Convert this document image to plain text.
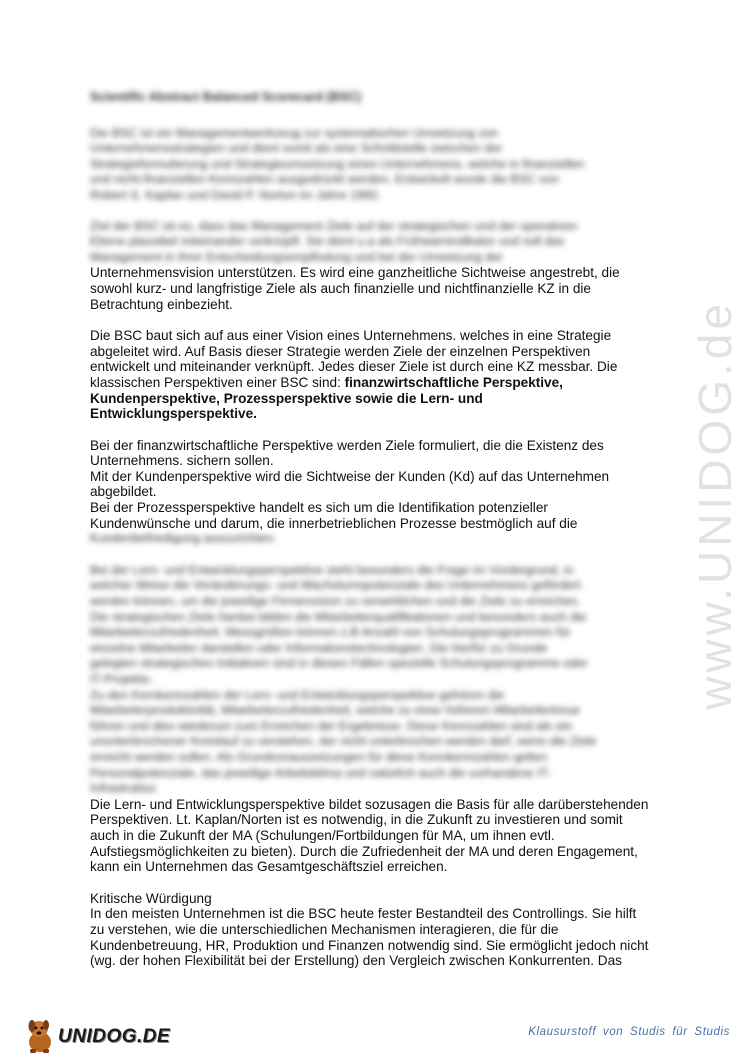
Scientific Abstract Balanced Scorecard (BSC)
Die BSC ist ein Managementwerkzeug zur systematischen Umsetzung von
Unternehmensstrategien und dient somit als eine Schnittstelle zwischen der
Strategieformulierung und Strategieumsetzung eines Unternehmens, welche in finanziellen
und nicht-finanziellen Kennzahlen ausgedrückt werden. Entwickelt wurde die BSC von
Robert S. Kaplan und David P. Norton im Jahre 1992.
Ziel der BSC ist es, dass das Management Ziele auf der strategischen und der operativen
Ebene plausibel miteinander verknüpft. Sie dient u.a als Frühwarnindikator und soll das
Management in ihrer Entscheidungsempfindung und bei der Umsetzung der
Unternehmensvision unterstützen. Es wird eine ganzheitliche Sichtweise angestrebt, die
sowohl kurz- und langfristige Ziele als auch finanzielle und nichtfinanzielle KZ in die
Betrachtung einbezieht.
Die BSC baut sich auf aus einer Vision eines Unternehmens. welches in eine Strategie
abgeleitet wird. Auf Basis dieser Strategie werden Ziele der einzelnen Perspektiven
entwickelt und miteinander verknüpft. Jedes dieser Ziele ist durch eine KZ messbar. Die
klassischen Perspektiven einer BSC sind: finanzwirtschaftliche Perspektive,
Kundenperspektive, Prozessperspektive sowie die Lern- und
Entwicklungsperspektive.
Bei der finanzwirtschaftliche Perspektive werden Ziele formuliert, die die Existenz des
Unternehmens. sichern sollen.
Mit der Kundenperspektive wird die Sichtweise der Kunden (Kd) auf das Unternehmen
abgebildet.
Bei der Prozessperspektive handelt es sich um die Identifikation potenzieller
Kundenwünsche und darum, die innerbetrieblichen Prozesse bestmöglich auf die
Kundenbefriedigung auszurichten.
Bei der Lern- und Entwicklungsperspektive steht besonders die Frage im Vordergrund, in
welcher Weise die Veränderungs- und Wachstumspotenziale des Unternehmens gefördert
werden können, um die jeweilige Firmenvision zu verwirklichen und die Ziele zu erreichen.
Die strategischen Ziele hierbei bilden die Mitarbeiterqualifikationen und besonders auch die
Mitarbeiterzufriedenheit. Messgrößen können z.B Anzahl von Schulungsprogrammen für
einzelne Mitarbeiter darstellen oder Informationstechnologien. Die hierfür zu Grunde
gelegten strategischen Initiativen sind in diesen Fällen spezielle Schulungsprogramme oder
IT-Projekte.
Zu den Kernkennzahlen der Lern- und Entwicklungsperspektive gehören die
Mitarbeiterproduktivität, Mitarbeiterzufriedenheit, welche zu einer höheren Mitarbeitertreue
führen und dies wiederum zum Erreichen der Ergebnisse. Diese Kennzahlen sind als ein
ununterbrochener Kreislauf zu verstehen, der nicht unterbrochen werden darf, wenn die Ziele
erreicht werden sollen. Als Grundvoraussetzungen für diese Kennkennzahlen gelten
Personalpotenziale, das jeweilige Arbeitsklima und natürlich auch die vorhandene IT-
Infrastruktur.
Die Lern- und Entwicklungsperspektive bildet sozusagen die Basis für alle darüberstehenden
Perspektiven. Lt. Kaplan/Norten ist es notwendig, in die Zukunft zu investieren und somit
auch in die Zukunft der MA (Schulungen/Fortbildungen für MA, um ihnen evtl.
Aufstiegsmöglichkeiten zu bieten). Durch die Zufriedenheit der MA und deren Engagement,
kann ein Unternehmen das Gesamtgeschäftsziel erreichen.
Kritische Würdigung
In den meisten Unternehmen ist die BSC heute fester Bestandteil des Controllings. Sie hilft
zu verstehen, wie die unterschiedlichen Mechanismen interagieren, die für die
Kundenbetreuung, HR, Produktion und Finanzen notwendig sind. Sie ermöglicht jedoch nicht
(wg. der hohen Flexibilität bei der Erstellung) den Vergleich zwischen Konkurrenten. Das
www.UNIDOG.de
UNIDOG.DE	Klausurstoff von Studis für Studis
